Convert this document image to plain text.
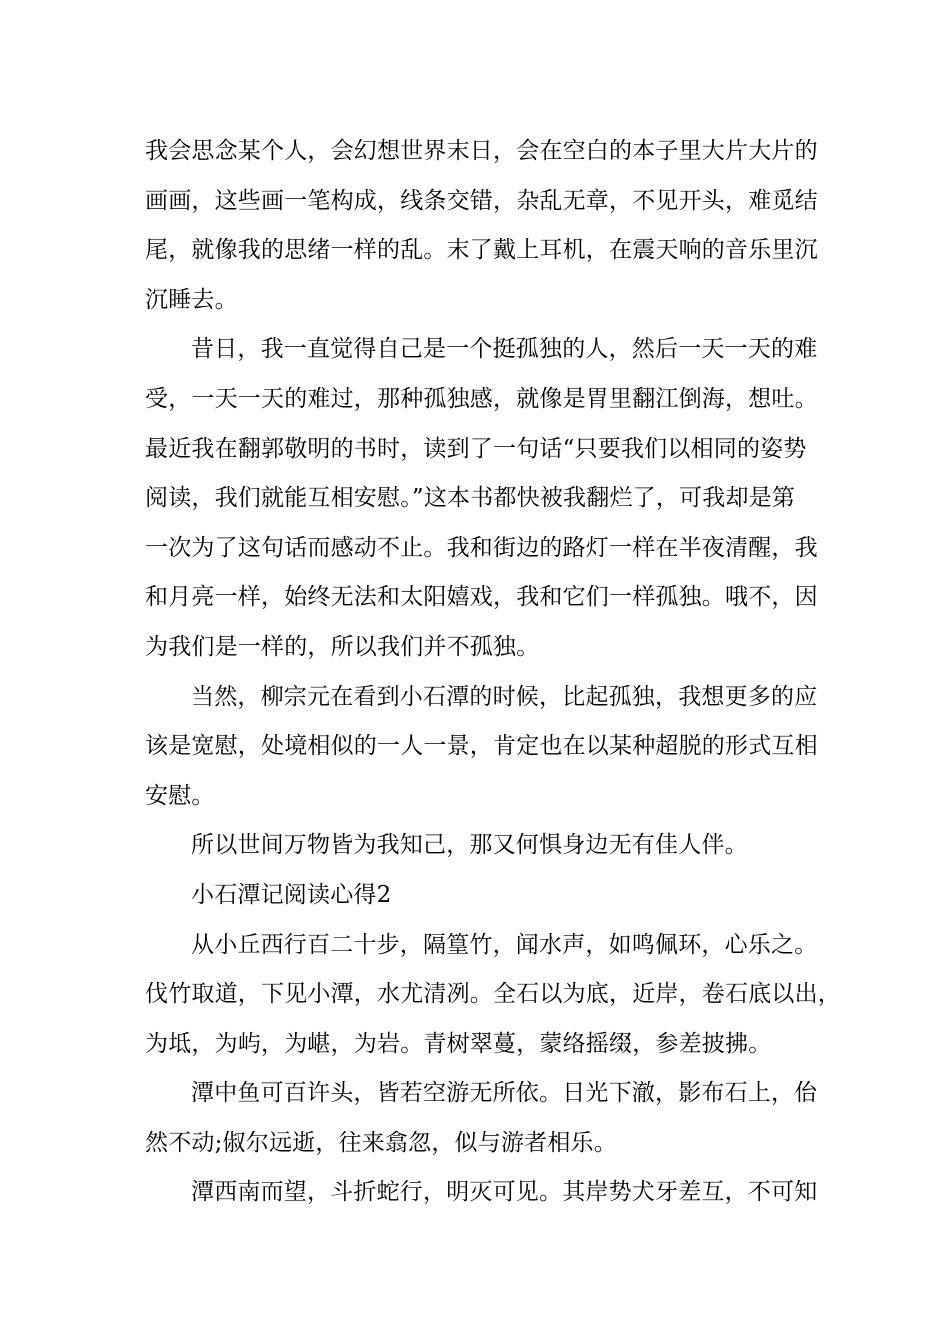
我会思念某个人，会幻想世界末日，会在空白的本子里大片大片的
画画，这些画一笔构成，线条交错，杂乱无章，不见开头，难觅结
尾，就像我的思绪一样的乱。末了戴上耳机，在震天响的音乐里沉
沉睡去。
昔日，我一直觉得自己是一个挺孤独的人，然后一天一天的难
受，一天一天的难过，那种孤独感，就像是胃里翻江倒海，想吐。
最近我在翻郭敬明的书时，读到了一句话“只要我们以相同的姿势
阅读，我们就能互相安慰。”这本书都快被我翻烂了，可我却是第
一次为了这句话而感动不止。我和街边的路灯一样在半夜清醒，我
和月亮一样，始终无法和太阳嬉戏，我和它们一样孤独。哦不，因
为我们是一样的，所以我们并不孤独。
当然，柳宗元在看到小石潭的时候，比起孤独，我想更多的应
该是宽慰，处境相似的一人一景，肯定也在以某种超脱的形式互相
安慰。
所以世间万物皆为我知己，那又何惧身边无有佳人伴。
小石潭记阅读心得2
从小丘西行百二十步，隔篁竹，闻水声，如鸣佩环，心乐之。
伐竹取道，下见小潭，水尤清冽。全石以为底，近岸，卷石底以出，
为坻，为屿，为嵁，为岩。青树翠蔓，蒙络摇缀，参差披拂。
潭中鱼可百许头，皆若空游无所依。日光下澈，影布石上，佁
然不动;俶尔远逝，往来翕忽，似与游者相乐。
潭西南而望，斗折蛇行，明灭可见。其岸势犬牙差互，不可知
